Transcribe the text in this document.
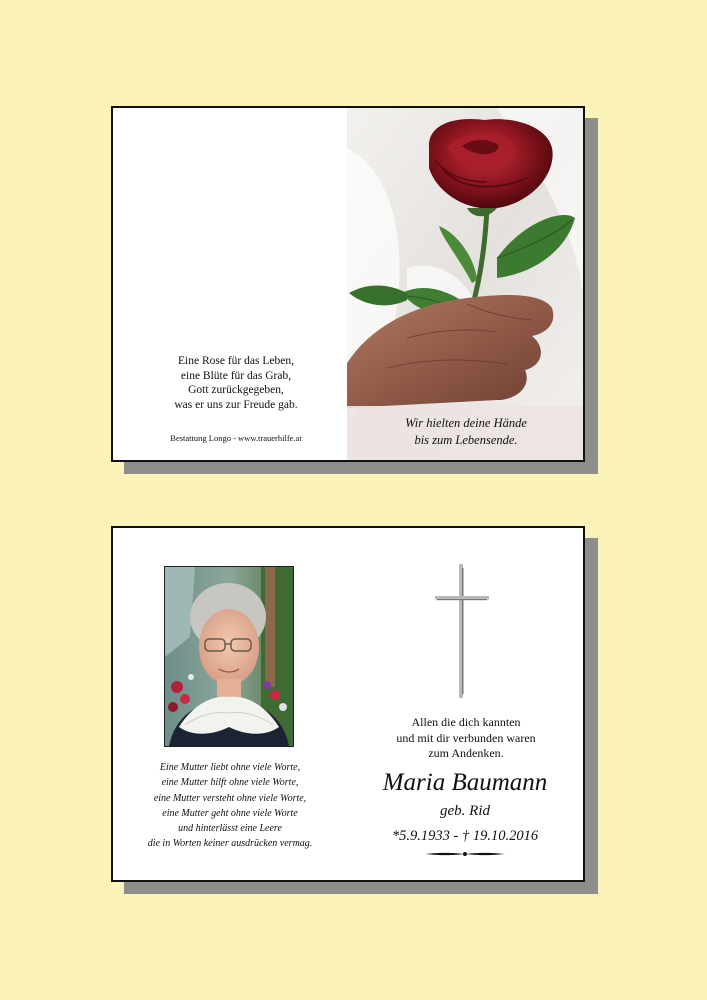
Eine Rose für das Leben,
eine Blüte für das Grab,
Gott zurückgegeben,
was er uns zur Freude gab.
Bestattung Longo - www.trauerhilfe.at
Wir hielten deine Hände
bis zum Lebensende.
Eine Mutter liebt ohne viele Worte,
eine Mutter hilft ohne viele Worte,
eine Mutter versteht ohne viele Worte,
eine Mutter geht ohne viele Worte
und hinterlässt eine Leere
die in Worten keiner ausdrücken vermag.
Allen die dich kannten
und mit dir verbunden waren
zum Andenken.
Maria Baumann
geb. Rid
*5.9.1933 - † 19.10.2016
